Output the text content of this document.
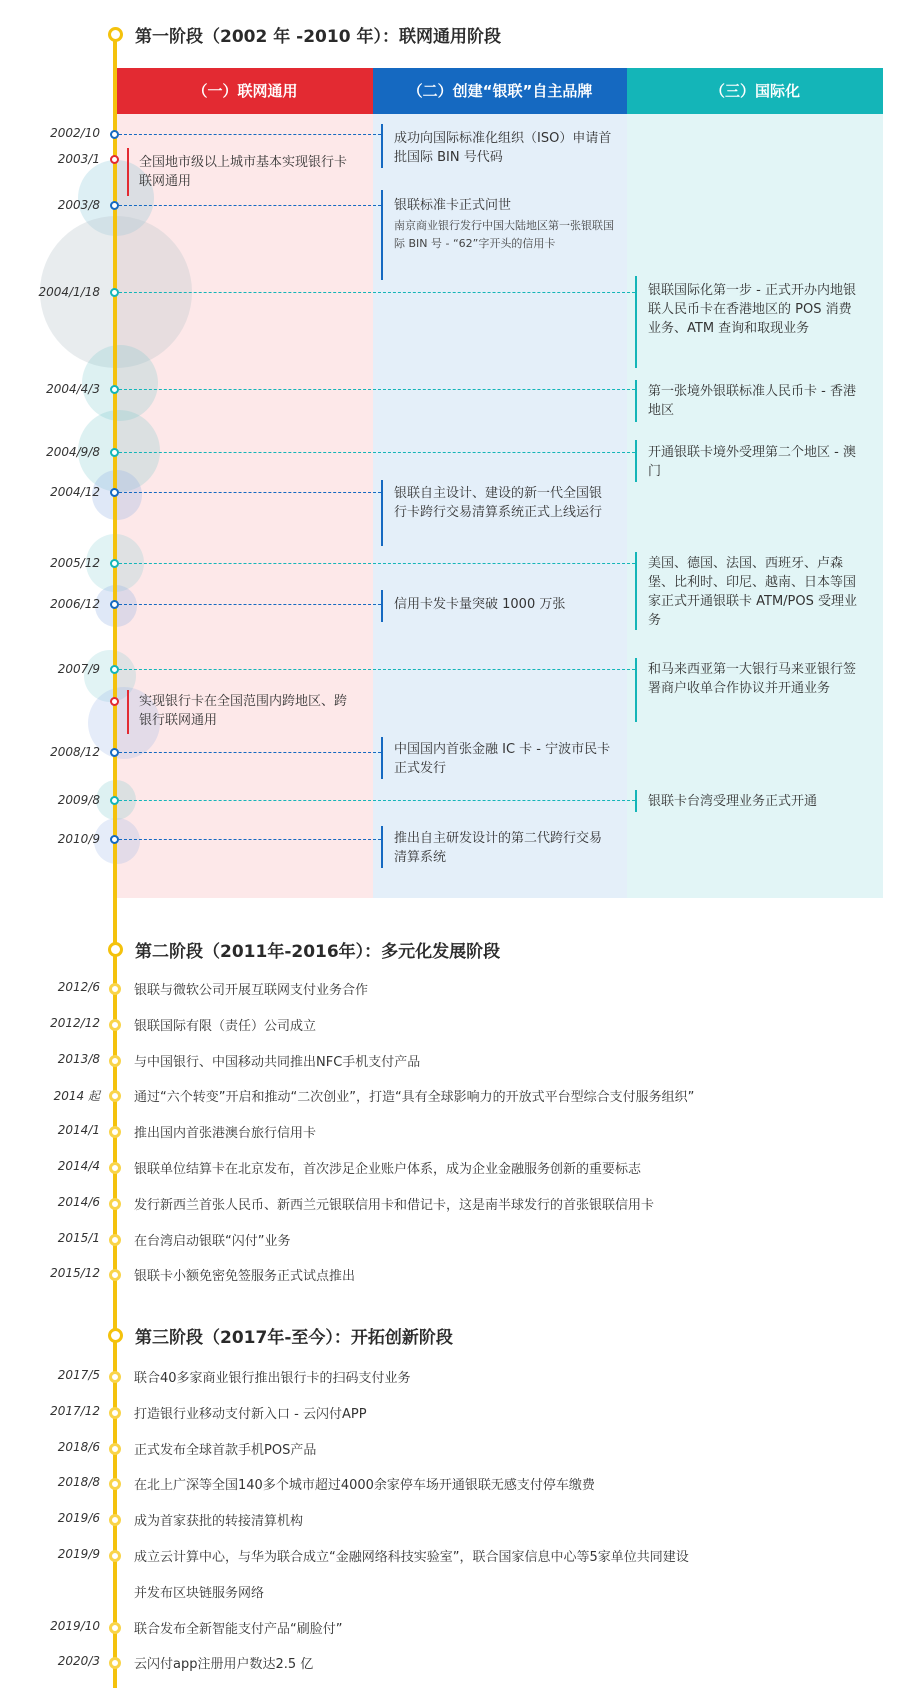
（一）联网通用	（二）创建“银联”自主品牌	（三）国际化
第一阶段（2002 年 -2010 年）：联网通用阶段
第二阶段（2011年-2016年）：多元化发展阶段
第三阶段（2017年-至今）：开拓创新阶段
2002/10	成功向国际标准化组织（ISO）申请首批国际 BIN 号代码
2003/1	全国地市级以上城市基本实现银行卡联网通用
2003/8	银联标准卡正式问世
南京商业银行发行中国大陆地区第一张银联国际 BIN 号 - “62”字开头的信用卡
2004/1/18	银联国际化第一步 - 正式开办内地银联人民币卡在香港地区的 POS 消费业务、ATM 查询和取现业务
2004/4/3	第一张境外银联标准人民币卡 - 香港地区
2004/9/8	开通银联卡境外受理第二个地区 - 澳门
2004/12	银联自主设计、建设的新一代全国银行卡跨行交易清算系统正式上线运行
2005/12	美国、德国、法国、西班牙、卢森堡、比利时、印尼、越南、日本等国家正式开通银联卡 ATM/POS 受理业务
2006/12	信用卡发卡量突破 1000 万张
2007/9	和马来西亚第一大银行马来亚银行签署商户收单合作协议并开通业务
实现银行卡在全国范围内跨地区、跨银行联网通用
2008/12	中国国内首张金融 IC 卡 - 宁波市民卡正式发行
2009/8	银联卡台湾受理业务正式开通
2010/9	推出自主研发设计的第二代跨行交易清算系统
2012/6	银联与微软公司开展互联网支付业务合作
2012/12	银联国际有限（责任）公司成立
2013/8	与中国银行、中国移动共同推出NFC手机支付产品
2014 起	通过“六个转变”开启和推动“二次创业”，打造“具有全球影响力的开放式平台型综合支付服务组织”
2014/1	推出国内首张港澳台旅行信用卡
2014/4	银联单位结算卡在北京发布，首次涉足企业账户体系，成为企业金融服务创新的重要标志
2014/6	发行新西兰首张人民币、新西兰元银联信用卡和借记卡，这是南半球发行的首张银联信用卡
2015/1	在台湾启动银联“闪付”业务
2015/12	银联卡小额免密免签服务正式试点推出
2017/5	联合40多家商业银行推出银行卡的扫码支付业务
2017/12	打造银行业移动支付新入口 - 云闪付APP
2018/6	正式发布全球首款手机POS产品
2018/8	在北上广深等全国140多个城市超过4000余家停车场开通银联无感支付停车缴费
2019/6	成为首家获批的转接清算机构
2019/9	成立云计算中心，与华为联合成立“金融网络科技实验室”，联合国家信息中心等5家单位共同建设
并发布区块链服务网络
2019/10	联合发布全新智能支付产品“刷脸付”
2020/3	云闪付app注册用户数达2.5 亿
